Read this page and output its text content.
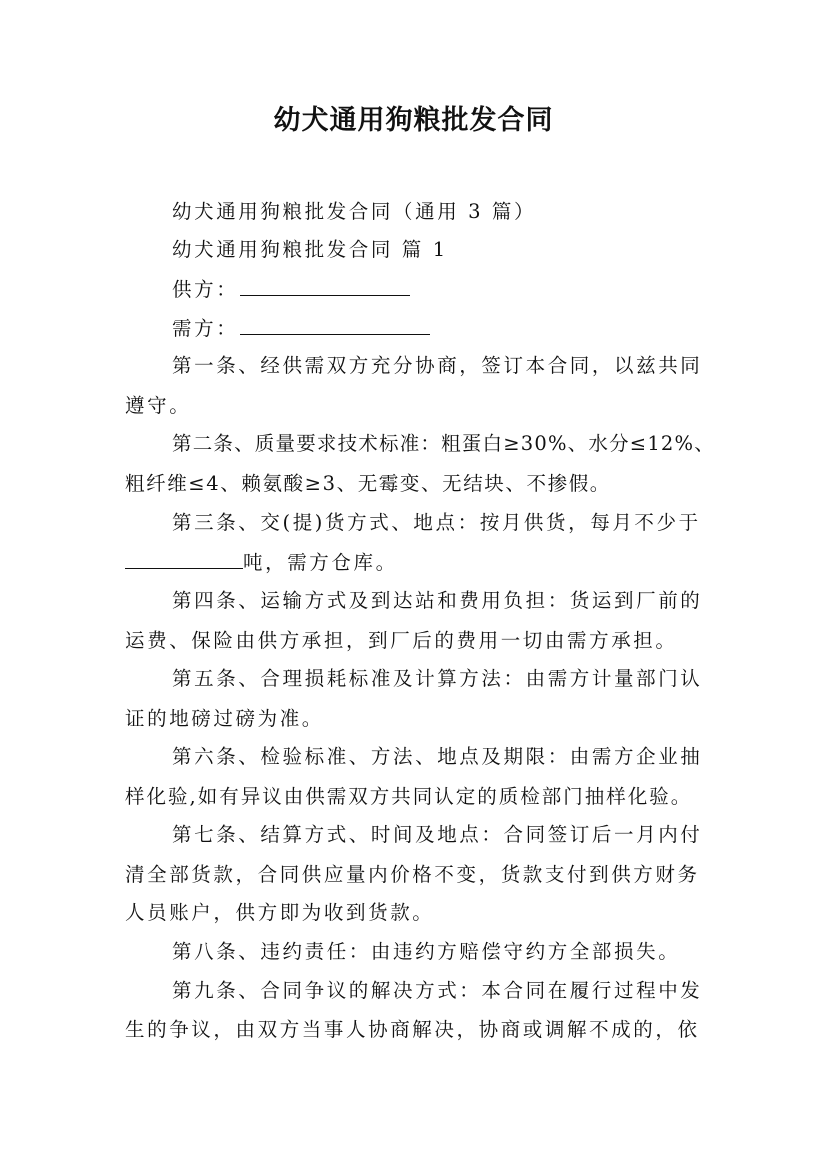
幼犬通用狗粮批发合同
幼犬通用狗粮批发合同（通用 3 篇）
幼犬通用狗粮批发合同 篇 1
供方：
需方：
第一条、经供需双方充分协商，签订本合同，以兹共同
遵守。
第二条、质量要求技术标准：粗蛋白≥30%、水分≤12%、
粗纤维≤4、赖氨酸≥3、无霉变、无结块、不掺假。
第三条、交(提)货方式、地点：按月供货，每月不少于
吨，需方仓库。
第四条、运输方式及到达站和费用负担：货运到厂前的
运费、保险由供方承担，到厂后的费用一切由需方承担。
第五条、合理损耗标准及计算方法：由需方计量部门认
证的地磅过磅为准。
第六条、检验标准、方法、地点及期限：由需方企业抽
样化验,如有异议由供需双方共同认定的质检部门抽样化验。
第七条、结算方式、时间及地点：合同签订后一月内付
清全部货款，合同供应量内价格不变，货款支付到供方财务
人员账户，供方即为收到货款。
第八条、违约责任：由违约方赔偿守约方全部损失。
第九条、合同争议的解决方式：本合同在履行过程中发
生的争议，由双方当事人协商解决，协商或调解不成的，依
